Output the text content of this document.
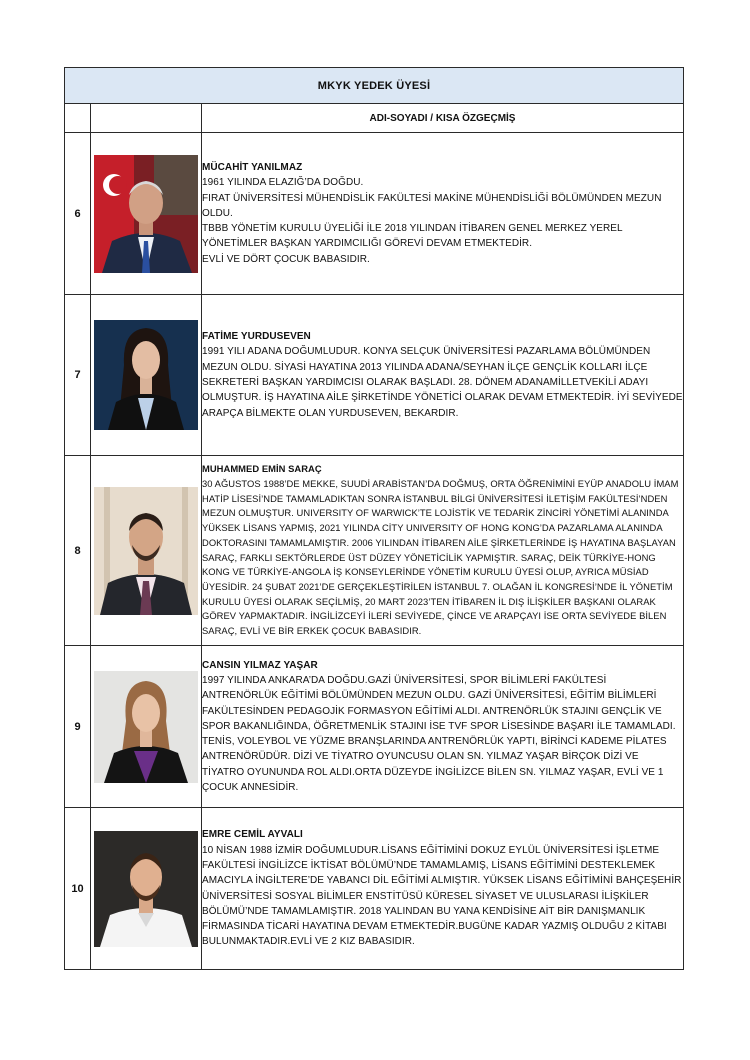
MKYK YEDEK ÜYESİ		
		ADI-SOYADI / KISA ÖZGEÇMİŞ
6		MÜCAHİT YANILMAZ

1961 YILINDA ELAZIĞ’DA DOĞDU.

FIRAT ÜNİVERSİTESİ MÜHENDİSLİK FAKÜLTESİ MAKİNE MÜHENDİSLİĞİ BÖLÜMÜNDEN MEZUN OLDU.

TBBB YÖNETİM KURULU ÜYELİĞİ İLE 2018 YILINDAN İTİBAREN GENEL MERKEZ YEREL YÖNETİMLER BAŞKAN YARDIMCILIĞI GÖREVİ DEVAM ETMEKTEDİR.

EVLİ VE DÖRT ÇOCUK BABASIDIR.

7		FATİME YURDUSEVEN

1991 YILI ADANA DOĞUMLUDUR. KONYA SELÇUK ÜNİVERSİTESİ PAZARLAMA BÖLÜMÜNDEN MEZUN OLDU. SİYASİ HAYATINA 2013 YILINDA ADANA/SEYHAN İLÇE GENÇLİK KOLLARI İLÇE SEKRETERİ BAŞKAN YARDIMCISI OLARAK BAŞLADI. 28. DÖNEM ADANAMİLLETVEKİLİ ADAYI OLMUŞTUR. İŞ HAYATINA AİLE ŞİRKETİNDE YÖNETİCİ OLARAK DEVAM ETMEKTEDİR. İYİ SEVİYEDE ARAPÇA BİLMEKTE OLAN YURDUSEVEN, BEKARDIR.

8		MUHAMMED EMİN SARAÇ

30 AĞUSTOS 1988’DE MEKKE, SUUDİ ARABİSTAN’DA DOĞMUŞ, ORTA ÖĞRENİMİNİ EYÜP ANADOLU İMAM HATİP LİSESİ’NDE TAMAMLADIKTAN SONRA İSTANBUL BİLGİ ÜNİVERSİTESİ İLETİŞİM FAKÜLTESİ’NDEN MEZUN OLMUŞTUR. UNIVERSITY OF WARWICK’TE LOJİSTİK VE TEDARİK ZİNCİRİ YÖNETİMİ ALANINDA YÜKSEK LİSANS YAPMIŞ, 2021 YILINDA CİTY UNIVERSITY OF HONG KONG’DA PAZARLAMA ALANINDA DOKTORASINI TAMAMLAMIŞTIR. 2006 YILINDAN İTİBAREN AİLE ŞİRKETLERİNDE İŞ HAYATINA BAŞLAYAN SARAÇ, FARKLI SEKTÖRLERDE ÜST DÜZEY YÖNETİCİLİK YAPMIŞTIR. SARAÇ, DEİK TÜRKİYE-HONG KONG VE TÜRKİYE-ANGOLA İŞ KONSEYLERİNDE YÖNETİM KURULU ÜYESİ OLUP, AYRICA MÜSİAD ÜYESİDİR. 24 ŞUBAT 2021’DE GERÇEKLEŞTİRİLEN İSTANBUL 7. OLAĞAN İL KONGRESİ’NDE İL YÖNETİM KURULU ÜYESİ OLARAK SEÇİLMİŞ, 20 MART 2023’TEN İTİBAREN İL DIŞ İLİŞKİLER BAŞKANI OLARAK GÖREV YAPMAKTADIR. İNGİLİZCEYİ İLERİ SEVİYEDE, ÇİNCE VE ARAPÇAYI İSE ORTA SEVİYEDE BİLEN SARAÇ, EVLİ VE BİR ERKEK ÇOCUK BABASIDIR.

9		CANSIN YILMAZ YAŞAR

1997 YILINDA ANKARA’DA DOĞDU.GAZİ ÜNİVERSİTESİ, SPOR BİLİMLERİ FAKÜLTESİ ANTRENÖRLÜK EĞİTİMİ BÖLÜMÜNDEN MEZUN OLDU. GAZİ ÜNİVERSİTESİ, EĞİTİM BİLİMLERİ FAKÜLTESİNDEN PEDAGOJİK FORMASYON EĞİTİMİ ALDI. ANTRENÖRLÜK STAJINI GENÇLİK VE SPOR BAKANLIĞINDA, ÖĞRETMENLİK STAJINI İSE TVF SPOR LİSESİNDE BAŞARI İLE TAMAMLADI. TENİS, VOLEYBOL VE YÜZME BRANŞLARINDA ANTRENÖRLÜK YAPTI, BİRİNCİ KADEME PİLATES ANTRENÖRÜDÜR. DİZİ VE TİYATRO OYUNCUSU OLAN SN. YILMAZ YAŞAR BİRÇOK DİZİ VE TİYATRO OYUNUNDA ROL ALDI.ORTA DÜZEYDE İNGİLİZCE BİLEN SN. YILMAZ YAŞAR, EVLİ VE 1 ÇOCUK ANNESİDİR.

10		EMRE CEMİL AYVALI

10 NİSAN 1988 İZMİR DOĞUMLUDUR.LİSANS EĞİTİMİNİ DOKUZ EYLÜL ÜNİVERSİTESİ İŞLETME FAKÜLTESİ İNGİLİZCE İKTİSAT BÖLÜMÜ’NDE TAMAMLAMIŞ, LİSANS EĞİTİMİNİ DESTEKLEMEK AMACIYLA İNGİLTERE’DE YABANCI DİL EĞİTİMİ ALMIŞTIR. YÜKSEK LİSANS EĞİTİMİNİ BAHÇEŞEHİR ÜNİVERSİTESİ SOSYAL BİLİMLER ENSTİTÜSÜ KÜRESEL SİYASET VE ULUSLARASI İLİŞKİLER BÖLÜMÜ’NDE TAMAMLAMIŞTIR. 2018 YALINDAN BU YANA KENDİSİNE AİT BİR DANIŞMANLIK FİRMASINDA TİCARİ HAYATINA DEVAM ETMEKTEDİR.BUGÜNE KADAR YAZMIŞ OLDUĞU 2 KİTABI BULUNMAKTADIR.EVLİ VE 2 KIZ BABASIDIR.
